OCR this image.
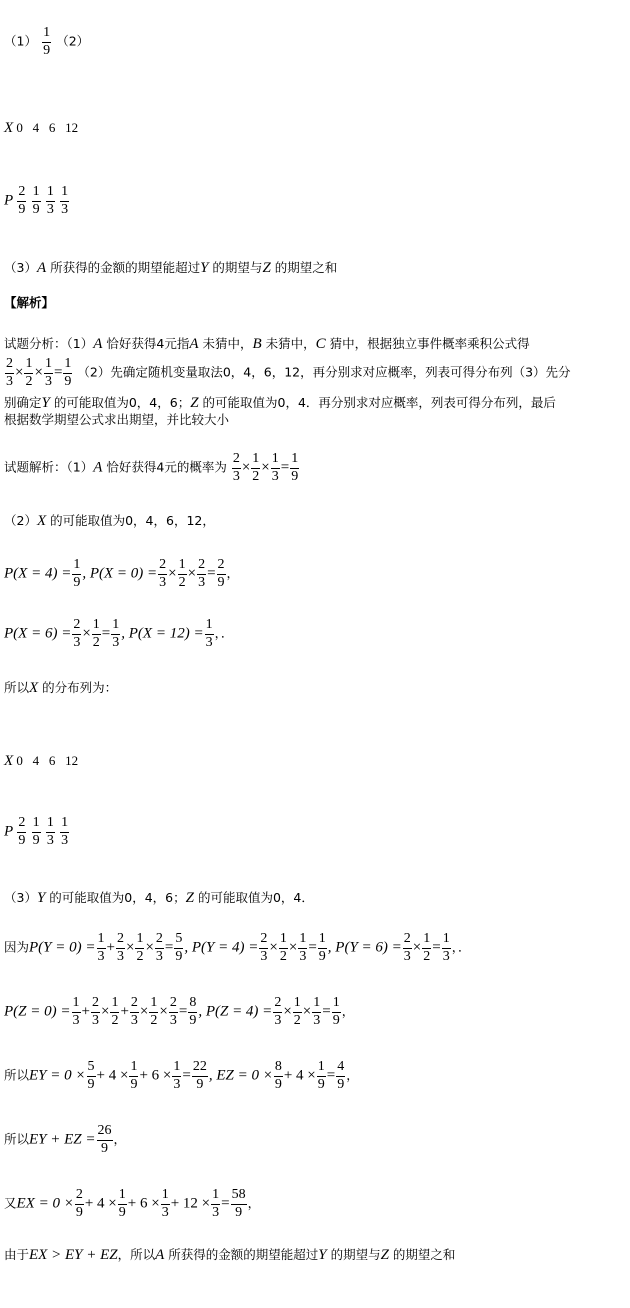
$(1) \frac{1}{9} (2)$
X 0 4 6 12
P $\frac{2}{9}$
$\frac{1}{9}$
$\frac{1}{3}$
$\frac{1}{3}$
（3）A 所获得的金额的期望能超过Y 的期望与Z 的期望之和
【解析】
试题分析：（1）A 恰好获得4元指A 未猜中，B 未猜中，C 猜中，根据独立事件概率乘积公式得
$\frac{2}{3} \times \frac{1}{2} \times \frac{1}{3} = \frac{1}{9} (2)$先确定随机变量取法0，4，6，12，再分别求对应概率，列表可得分布列（3）先分
别确定Y 的可能取值为0，4，6；Z 的可能取值为0，4．再分别求对应概率，列表可得分布列，最后
根据数学期望公式求出期望，并比较大小
试题解析：（1）A 恰好获得4元的概率为 $\frac{2}{3} \times \frac{1}{2} \times \frac{1}{3} = \frac{1}{9}$
（2）X 的可能取值为0，4，6，12，
$P(X = 4) = \frac{1}{9}$ , $P(X = 0) = \frac{2}{3} \times \frac{1}{2} \times \frac{2}{3} = \frac{2}{9}$ ，
$P(X = 6) = \frac{2}{3} \times \frac{1}{2} = \frac{1}{3}$ , $P(X = 12) = \frac{1}{3}$ ，．
所以X 的分布列为：
X 0 4 6 12
P $\frac{2}{9}$
$\frac{1}{9}$
$\frac{1}{3}$
$\frac{1}{3}$
（3）Y 的可能取值为0，4，6；Z 的可能取值为0，4．
因为$P(Y = 0) = \frac{1}{3} + \frac{2}{3} \times \frac{1}{2} \times \frac{2}{3} = \frac{5}{9}$ , $P(Y = 4) = \frac{2}{3} \times \frac{1}{2} \times \frac{1}{3} = \frac{1}{9}$ , $P(Y = 6) = \frac{2}{3} \times \frac{1}{2} = \frac{1}{3}$ ，．
$P(Z = 0) = \frac{1}{3} + \frac{2}{3} \times \frac{1}{2} + \frac{2}{3} \times \frac{1}{2} \times \frac{2}{3} = \frac{8}{9}$ , $P(Z = 4) = \frac{2}{3} \times \frac{1}{2} \times \frac{1}{3} = \frac{1}{9}$ ，
所以EY = $0 \times \frac{5}{9} + 4 \times \frac{1}{9} + 6 \times \frac{1}{3} = \frac{22}{9}$ , EZ = $0 \times \frac{8}{9} + 4 \times \frac{1}{9} = \frac{4}{9}$ ，
所以EY + EZ = $\frac{26}{9}$ ，
又EX = $0 \times \frac{2}{9} + 4 \times \frac{1}{9} + 6 \times \frac{1}{3} + 12 \times \frac{1}{3} = \frac{58}{9}$ ，
由于EX > EY + EZ，所以A 所获得的金额的期望能超过Y 的期望与Z 的期望之和
